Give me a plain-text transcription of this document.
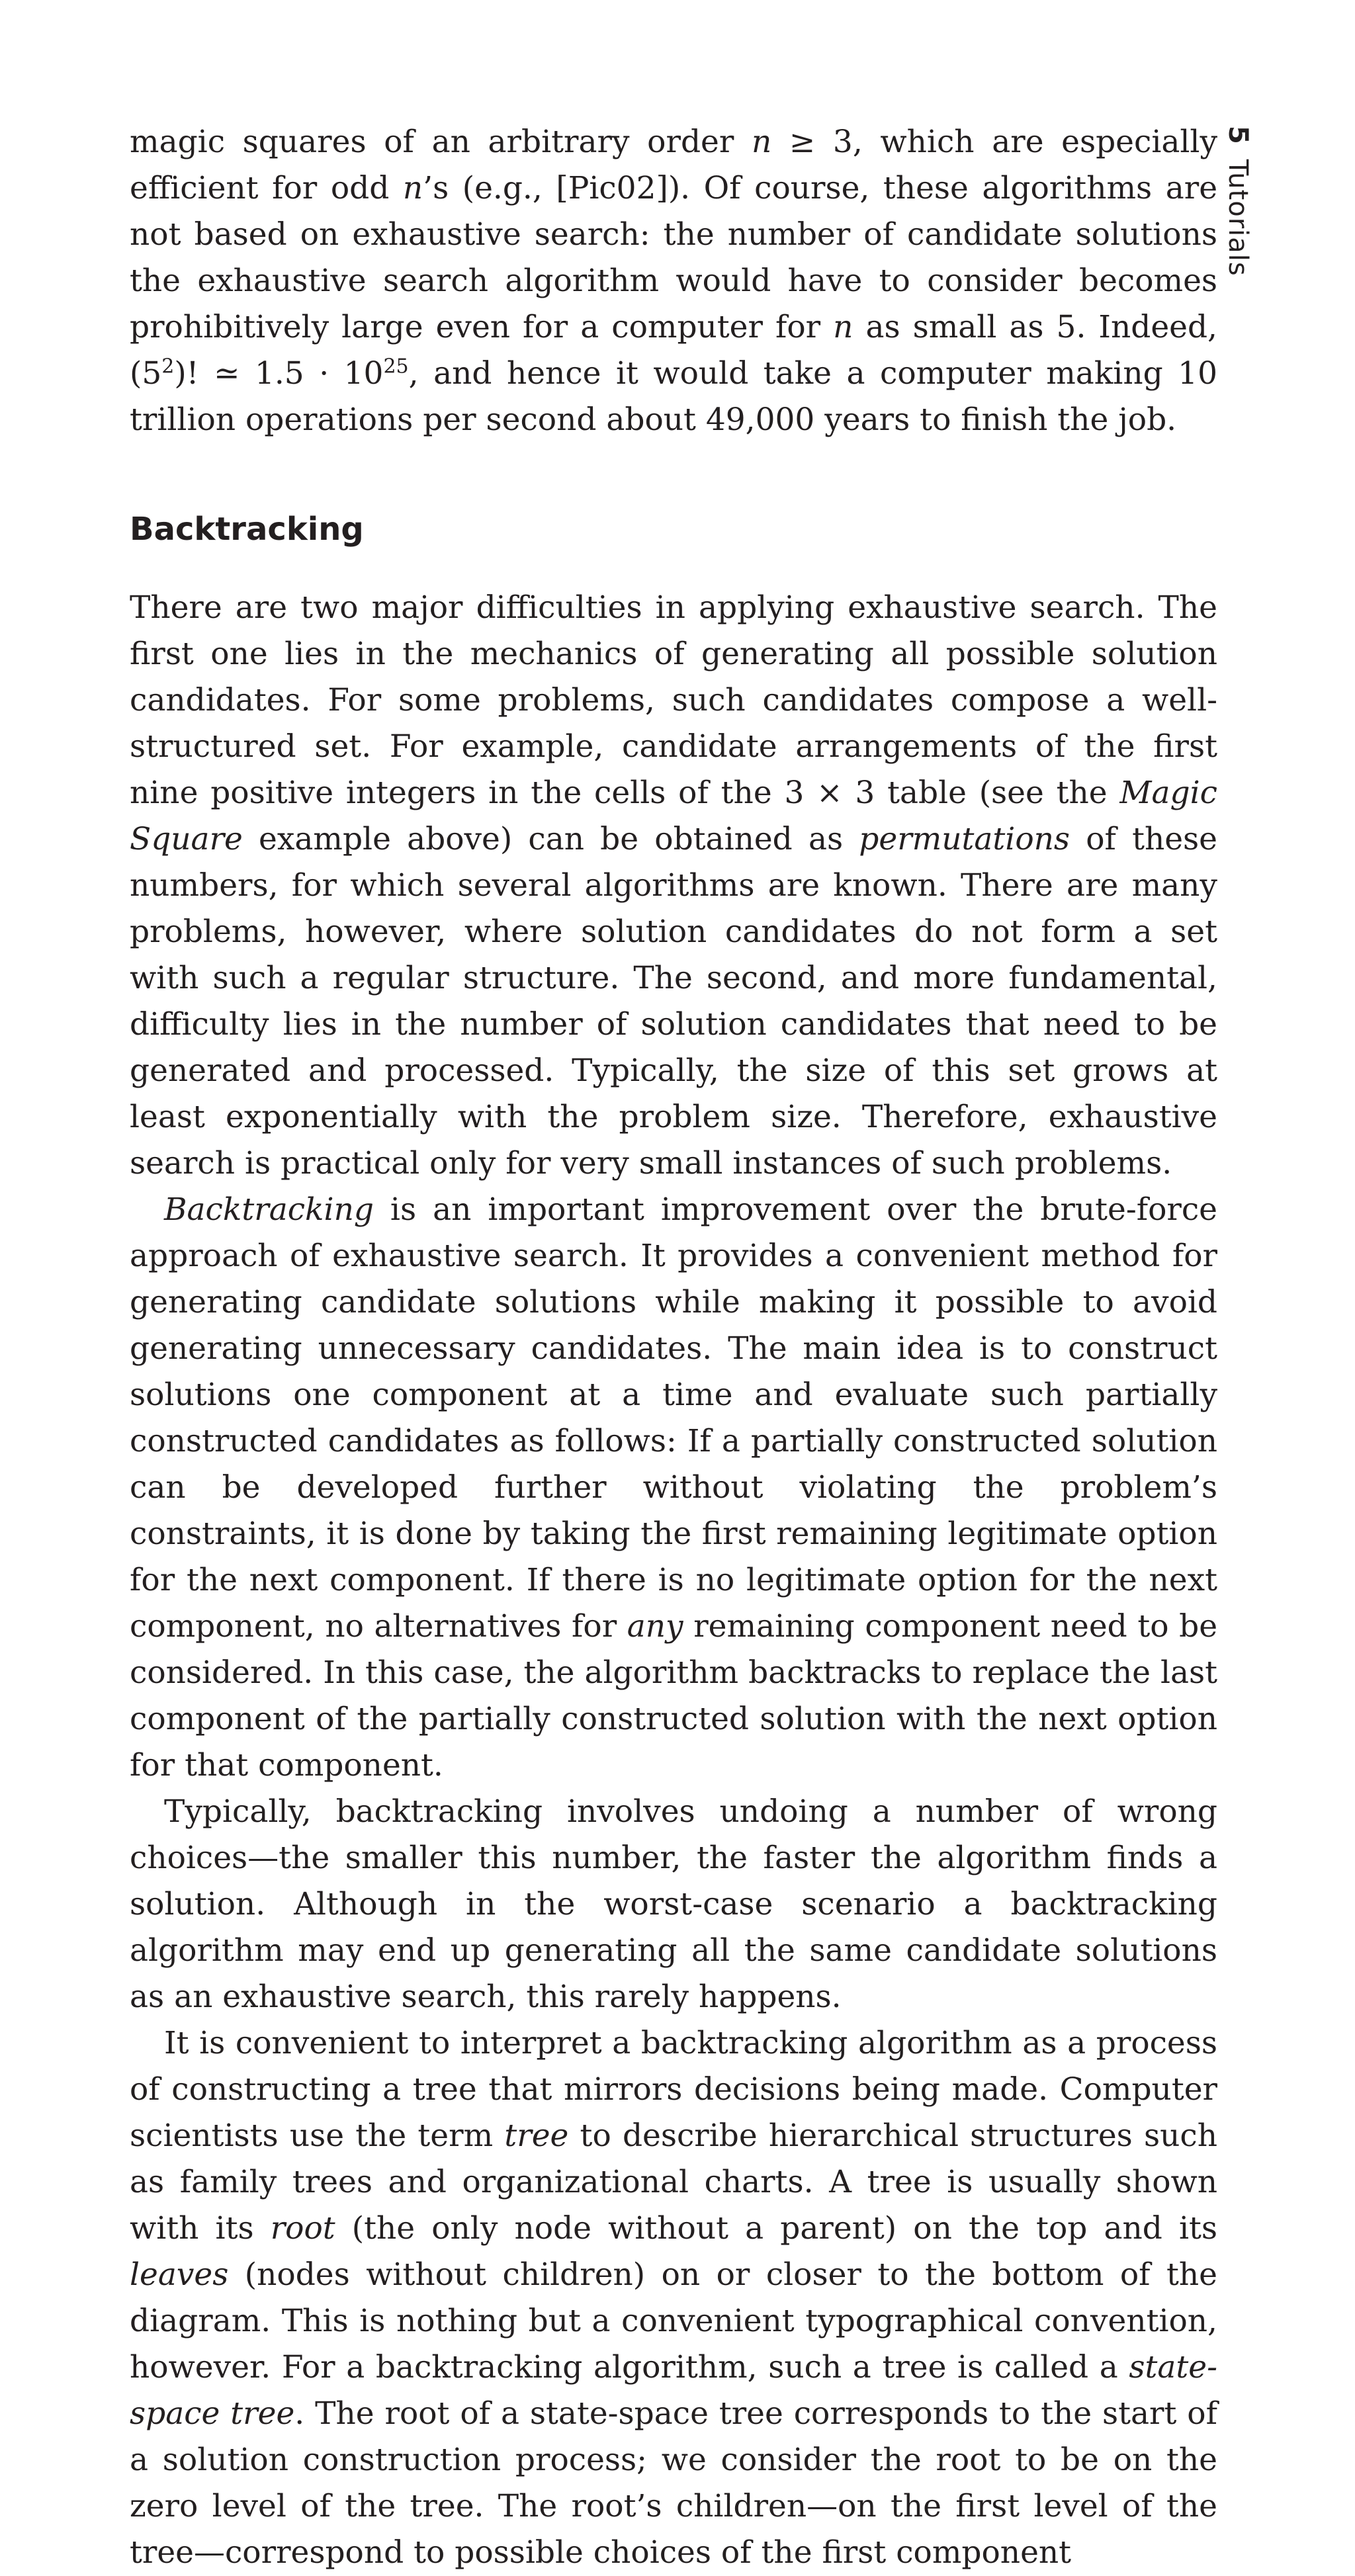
5Tutorials

magic squares of an arbitrary order n ≥ 3, which are especially efficient for odd n’s (e.g., [Pic02]). Of course, these algorithms are not based on exhaustive search: the number of candidate solutions the exhaustive search algorithm would have to consider becomes prohibitively large even for a computer for n as small as 5. Indeed, $(5^2)$! ≃ $1.5 \cdot 10^{25}$, and hence it would take a computer making 10 trillion operations per second about 49,000 years to finish the job.

Backtracking

There are two major difficulties in applying exhaustive search. The first one lies in the mechanics of generating all possible solution candidates. For some problems, such candidates compose a well-structured set. For example, candidate arrangements of the first nine positive integers in the cells of the 3 × 3 table (see the Magic Square example above) can be obtained as permutations of these numbers, for which several algorithms are known. There are many problems, however, where solution candidates do not form a set with such a regular structure. The second, and more fundamental, difficulty lies in the number of solution candidates that need to be generated and processed. Typically, the size of this set grows at least exponentially with the problem size. Therefore, exhaustive search is practical only for very small instances of such problems.

Backtracking is an important improvement over the brute-force approach of exhaustive search. It provides a convenient method for generating candidate solutions while making it possible to avoid generating unnecessary candidates. The main idea is to construct solutions one component at a time and evaluate such partially constructed candidates as follows: If a partially constructed solution can be developed further without violating the problem’s constraints, it is done by taking the first remaining legitimate option for the next component. If there is no legitimate option for the next component, no alternatives for any remaining component need to be considered. In this case, the algorithm backtracks to replace the last component of the partially constructed solution with the next option for that component.

Typically, backtracking involves undoing a number of wrong choices—the smaller this number, the faster the algorithm finds a solution. Although in the worst-case scenario a backtracking algorithm may end up generating all the same candidate solutions as an exhaustive search, this rarely happens.

It is convenient to interpret a backtracking algorithm as a process of constructing a tree that mirrors decisions being made. Computer scientists use the term tree to describe hierarchical structures such as family trees and organizational charts. A tree is usually shown with its root (the only node without a parent) on the top and its leaves (nodes without children) on or closer to the bottom of the diagram. This is nothing but a convenient typographical convention, however. For a backtracking algorithm, such a tree is called a state-space tree. The root of a state-space tree corresponds to the start of a solution construction process; we consider the root to be on the zero level of the tree. The root’s children—on the first level of the tree—correspond to possible choices of the first component
